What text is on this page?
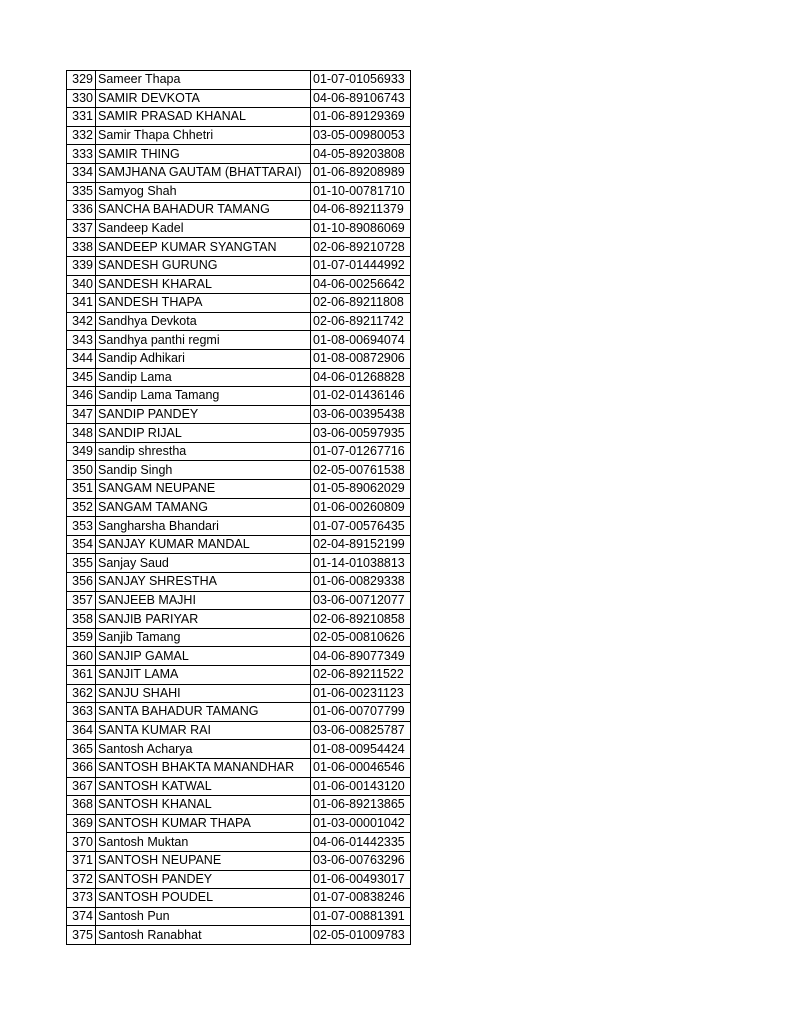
329	Sameer Thapa	01-07-01056933
330	SAMIR DEVKOTA	04-06-89106743
331	SAMIR PRASAD KHANAL	01-06-89129369
332	Samir Thapa Chhetri	03-05-00980053
333	SAMIR THING	04-05-89203808
334	SAMJHANA GAUTAM (BHATTARAI)	01-06-89208989
335	Samyog Shah	01-10-00781710
336	SANCHA BAHADUR TAMANG	04-06-89211379
337	Sandeep Kadel	01-10-89086069
338	SANDEEP KUMAR SYANGTAN	02-06-89210728
339	SANDESH GURUNG	01-07-01444992
340	SANDESH KHARAL	04-06-00256642
341	SANDESH THAPA	02-06-89211808
342	Sandhya Devkota	02-06-89211742
343	Sandhya panthi regmi	01-08-00694074
344	Sandip Adhikari	01-08-00872906
345	Sandip Lama	04-06-01268828
346	Sandip Lama Tamang	01-02-01436146
347	SANDIP PANDEY	03-06-00395438
348	SANDIP RIJAL	03-06-00597935
349	sandip shrestha	01-07-01267716
350	Sandip Singh	02-05-00761538
351	SANGAM NEUPANE	01-05-89062029
352	SANGAM TAMANG	01-06-00260809
353	Sangharsha Bhandari	01-07-00576435
354	SANJAY KUMAR MANDAL	02-04-89152199
355	Sanjay Saud	01-14-01038813
356	SANJAY SHRESTHA	01-06-00829338
357	SANJEEB MAJHI	03-06-00712077
358	SANJIB PARIYAR	02-06-89210858
359	Sanjib Tamang	02-05-00810626
360	SANJIP GAMAL	04-06-89077349
361	SANJIT LAMA	02-06-89211522
362	SANJU SHAHI	01-06-00231123
363	SANTA BAHADUR TAMANG	01-06-00707799
364	SANTA KUMAR RAI	03-06-00825787
365	Santosh Acharya	01-08-00954424
366	SANTOSH BHAKTA MANANDHAR	01-06-00046546
367	SANTOSH KATWAL	01-06-00143120
368	SANTOSH KHANAL	01-06-89213865
369	SANTOSH KUMAR THAPA	01-03-00001042
370	Santosh Muktan	04-06-01442335
371	SANTOSH NEUPANE	03-06-00763296
372	SANTOSH PANDEY	01-06-00493017
373	SANTOSH POUDEL	01-07-00838246
374	Santosh Pun	01-07-00881391
375	Santosh Ranabhat	02-05-01009783
